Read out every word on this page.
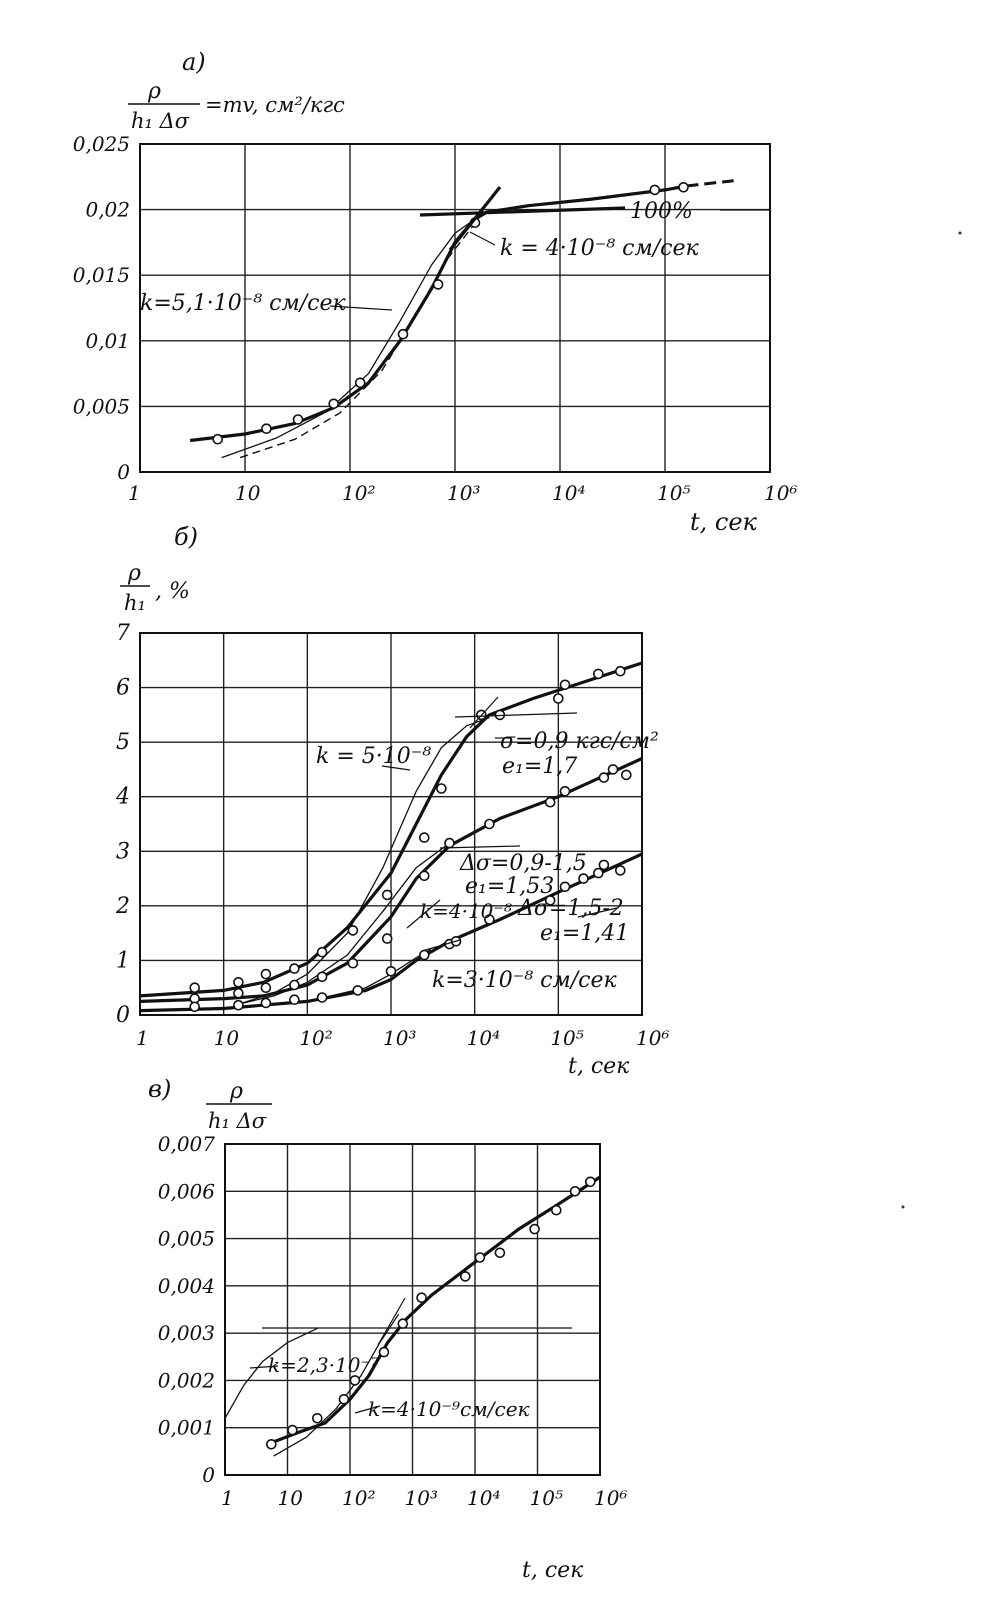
а)
ρ
h₁ Δσ
=mv, см²/кгс
0
0,005
0,01
0,015
0,02
0,025
1	10	10²	10³	10⁴	10⁵	10⁶
100%
k = 4·10⁻⁸ см/сек
k=5,1·10⁻⁸ см/сек
t, сек
б)
ρ
h₁ , %
0
1
2
3
4
5
6
7
1	10	10²	10³	10⁴	10⁵	10⁶
k = 5·10⁻⁸
k=4·10⁻⁸
k=3·10⁻⁸ см/сек
σ=0,9 кгс/см²
e₁=1,7
Δσ=0,9-1,5
e₁=1,53
Δσ=1,5-2
e₁=1,41
t, сек
в)	ρ
h₁ Δσ
0
0,001
0,002
0,003
0,004
0,005
0,006
0,007
1 10 10² 10³ 10⁴ 10⁵ 10⁶
k=2,3·10⁻⁷
k=4·10⁻⁹см/сек
t, сек
